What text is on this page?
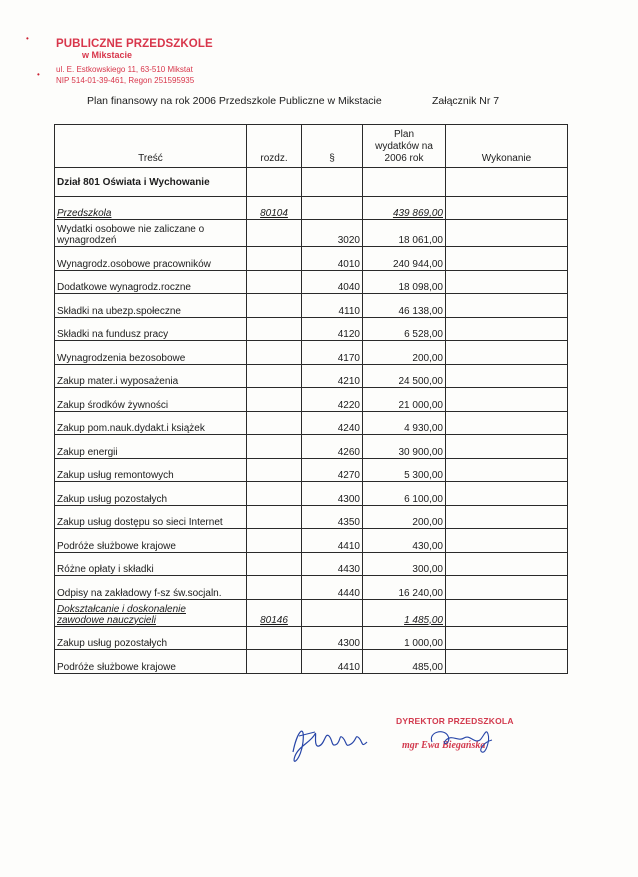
PUBLICZNE PRZEDSZKOLE
w Mikstacie
ul. E. Estkowskiego 11, 63-510 Mikstat
NIP 514-01-39-461, Regon 251595935
•
•
Plan finansowy na rok 2006 Przedszkole Publiczne w Mikstacie	Załącznik Nr 7
Treść	rozdz.	§	Plan
wydatków na
2006 rok	Wykonanie
Dział 801 Oświata i Wychowanie				
Przedszkola	80104		439 869,00	

Wydatki osobowe nie zaliczane o
wynagrodzeń		3020	18 061,00	
Wynagrodz.osobowe pracowników		4010	240 944,00	
Dodatkowe wynagrodz.roczne		4040	18 098,00	
Składki na ubezp.społeczne		4110	46 138,00	
Składki na fundusz pracy		4120	6 528,00	
Wynagrodzenia bezosobowe		4170	200,00	
Zakup mater.i wyposażenia		4210	24 500,00	
Zakup środków żywności		4220	21 000,00	
Zakup pom.nauk.dydakt.i książek		4240	4 930,00	
Zakup energii		4260	30 900,00	
Zakup usług remontowych		4270	5 300,00	
Zakup usług pozostałych		4300	6 100,00	
Zakup usług dostępu so sieci Internet		4350	200,00	
Podróże służbowe krajowe		4410	430,00	
Różne opłaty i składki		4430	300,00	
Odpisy na zakładowy f-sz św.socjaln.		4440	16 240,00	

Dokształcanie i doskonalenie
zawodowe nauczycieli	80146		1 485,00	
Zakup usług pozostałych		4300	1 000,00	
Podróże służbowe krajowe		4410	485,00	
DYREKTOR PRZEDSZKOLA
mgr Ewa Biegańska
